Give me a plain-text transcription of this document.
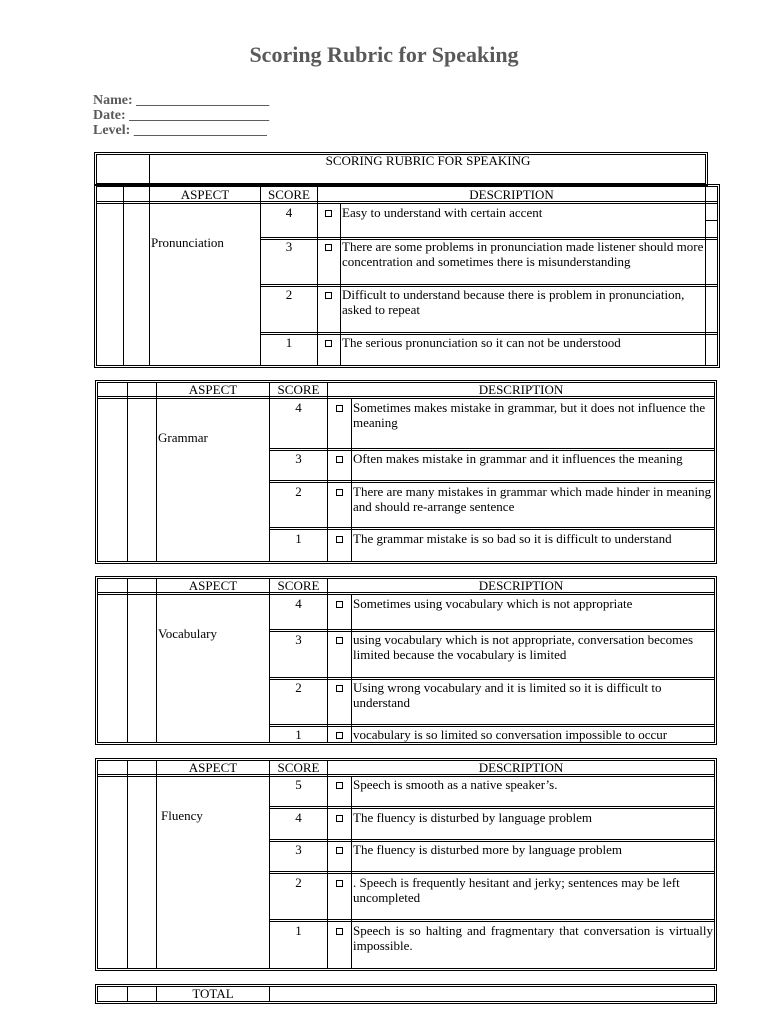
Scoring Rubric for Speaking
Name: ___________________
Date: ____________________
Level: ___________________
SCORING RUBRIC FOR SPEAKING
ASPECT	SCORE	DESCRIPTION
Pronunciation
4	Easy to understand with certain accent
3	There are some problems in pronunciation made listener should more concentration and sometimes there is misunderstanding
2	Difficult to understand because there is problem in pronunciation, asked to repeat
1	The serious pronunciation so it can not be understood
ASPECT	SCORE	DESCRIPTION
Grammar
4	Sometimes makes mistake in grammar, but it does not influence the meaning
3	Often makes mistake in grammar and it influences the meaning
2	There are many mistakes in grammar which made hinder in meaning and should re-arrange sentence
1	The grammar mistake is so bad so it is difficult to understand
ASPECT	SCORE	DESCRIPTION
Vocabulary
4	Sometimes using vocabulary which is not appropriate
3	using vocabulary which is not appropriate, conversation becomes limited because the vocabulary is limited
2	Using wrong vocabulary and it is limited so it is difficult to understand
1	vocabulary is so limited so conversation impossible to occur
ASPECT	SCORE	DESCRIPTION
Fluency
5	Speech is smooth as a native speaker’s.
4	The fluency is disturbed by language problem
3	The fluency is disturbed more by language problem
2	. Speech is frequently hesitant and jerky; sentences may be left uncompleted
1	Speech is so halting and fragmentary that conversation is virtually impossible.
TOTAL
